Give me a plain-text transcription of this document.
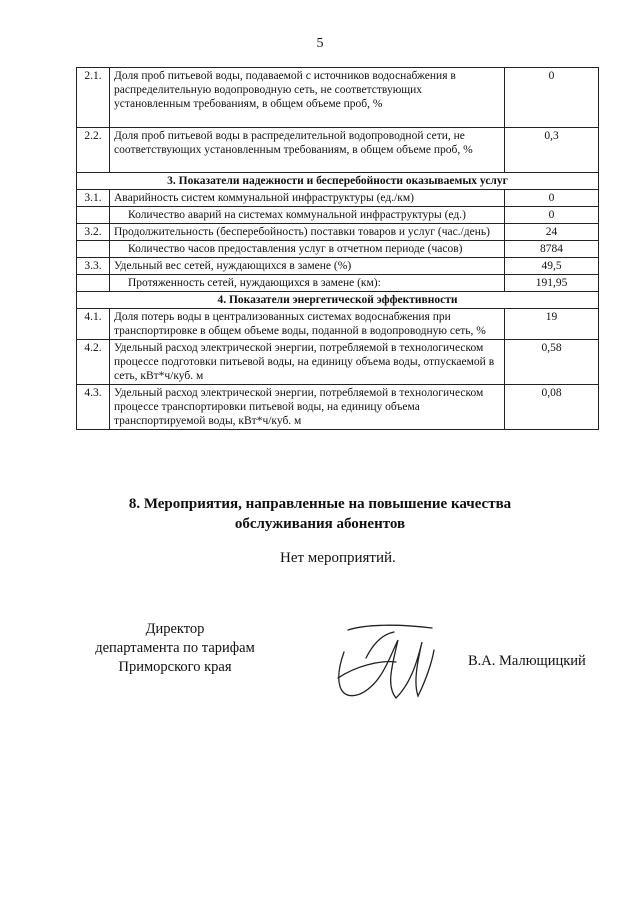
5
2.1.	Доля проб питьевой воды, подаваемой с источников водоснабжения в распределительную водопроводную сеть, не соответствующих установленным требованиям, в общем объеме проб, %	0
2.2.	Доля проб питьевой воды в распределительной водопроводной сети, не соответствующих установленным требованиям, в общем объеме проб, %	0,3
3. Показатели надежности и бесперебойности оказываемых услуг		
3.1.	Аварийность систем коммунальной инфраструктуры (ед./км)	0
	Количество аварий на системах коммунальной инфраструктуры (ед.)	0
3.2.	Продолжительность (бесперебойность) поставки товаров и услуг (час./день)	24
	Количество часов предоставления услуг в отчетном периоде (часов)	8784
3.3.	Удельный вес сетей, нуждающихся в замене (%)	49,5
	Протяженность сетей, нуждающихся в замене (км):	191,95
4. Показатели энергетической эффективности		
4.1.	Доля потерь воды в централизованных системах водоснабжения при транспортировке в общем объеме воды, поданной в водопроводную сеть, %	19
4.2.	Удельный расход электрической энергии, потребляемой в технологическом процессе подготовки питьевой воды, на единицу объема воды, отпускаемой в сеть, кВт*ч/куб. м	0,58
4.3.	Удельный расход электрической энергии, потребляемой в технологическом процессе транспортировки питьевой воды, на единицу объема транспортируемой воды, кВт*ч/куб. м	0,08
8. Мероприятия, направленные на повышение качества
обслуживания абонентов
Нет мероприятий.
Директор
департамента по тарифам
Приморского края	В.А. Малющицкий
